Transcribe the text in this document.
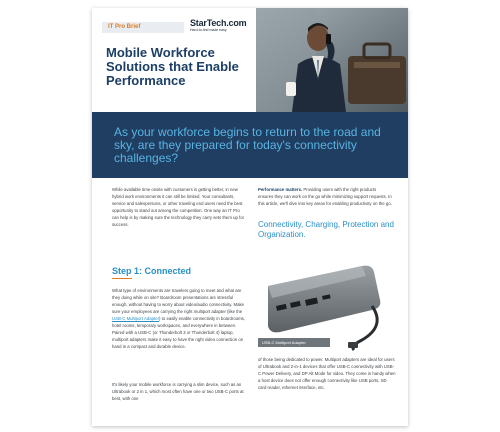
IT Pro Brief	StarTech.com
Hard-to-find made easy
Mobile Workforce Solutions that Enable Performance
As your workforce begins to return to the road and sky, are they prepared for today's connectivity challenges?
While available time onsite with customers is getting better, in new hybrid work environments it can still be limited. Your consultants, service and salespersons, or other traveling end users need the best opportunity to stand out among the competition. One way an IT Pro can help is by making sure the technology they carry sets them up for success.
Performance matters. Providing users with the right products ensures they can work on the go while minimizing support requests. In this article, we'll dive into key areas for enabling productivity on the go.
Connectivity, Charging, Protection and Organization.
Step 1: Connected
What type of environments are travelers going to meet and what are they doing while on site? Boardroom presentations are stressful enough, without having to worry about video/audio connectivity. Make sure your employees are carrying the right multiport adapter (like the USB-C Multiport Adapter) to easily enable connectivity in boardrooms, hotel rooms, temporary workspaces, and everywhere in between. Paired with a USB-C (or Thunderbolt 3 or Thunderbolt 4) laptop, multiport adapters make it easy to have the right video connection on hand in a compact and durable device.
It's likely your mobile workforce is carrying a slim device, such as an Ultrabook or 2 in 1, which most often have one or two USB-C ports at best, with one
USB-C Multiport Adapter
of those being dedicated to power. Multiport adapters are ideal for users of Ultrabook and 2-in-1 devices that offer USB-C connectivity with USB-C Power Delivery, and DP Alt Mode for video. They come in handy when a host device does not offer enough connectivity like USB ports, SD card reader, ethernet interface, etc.
